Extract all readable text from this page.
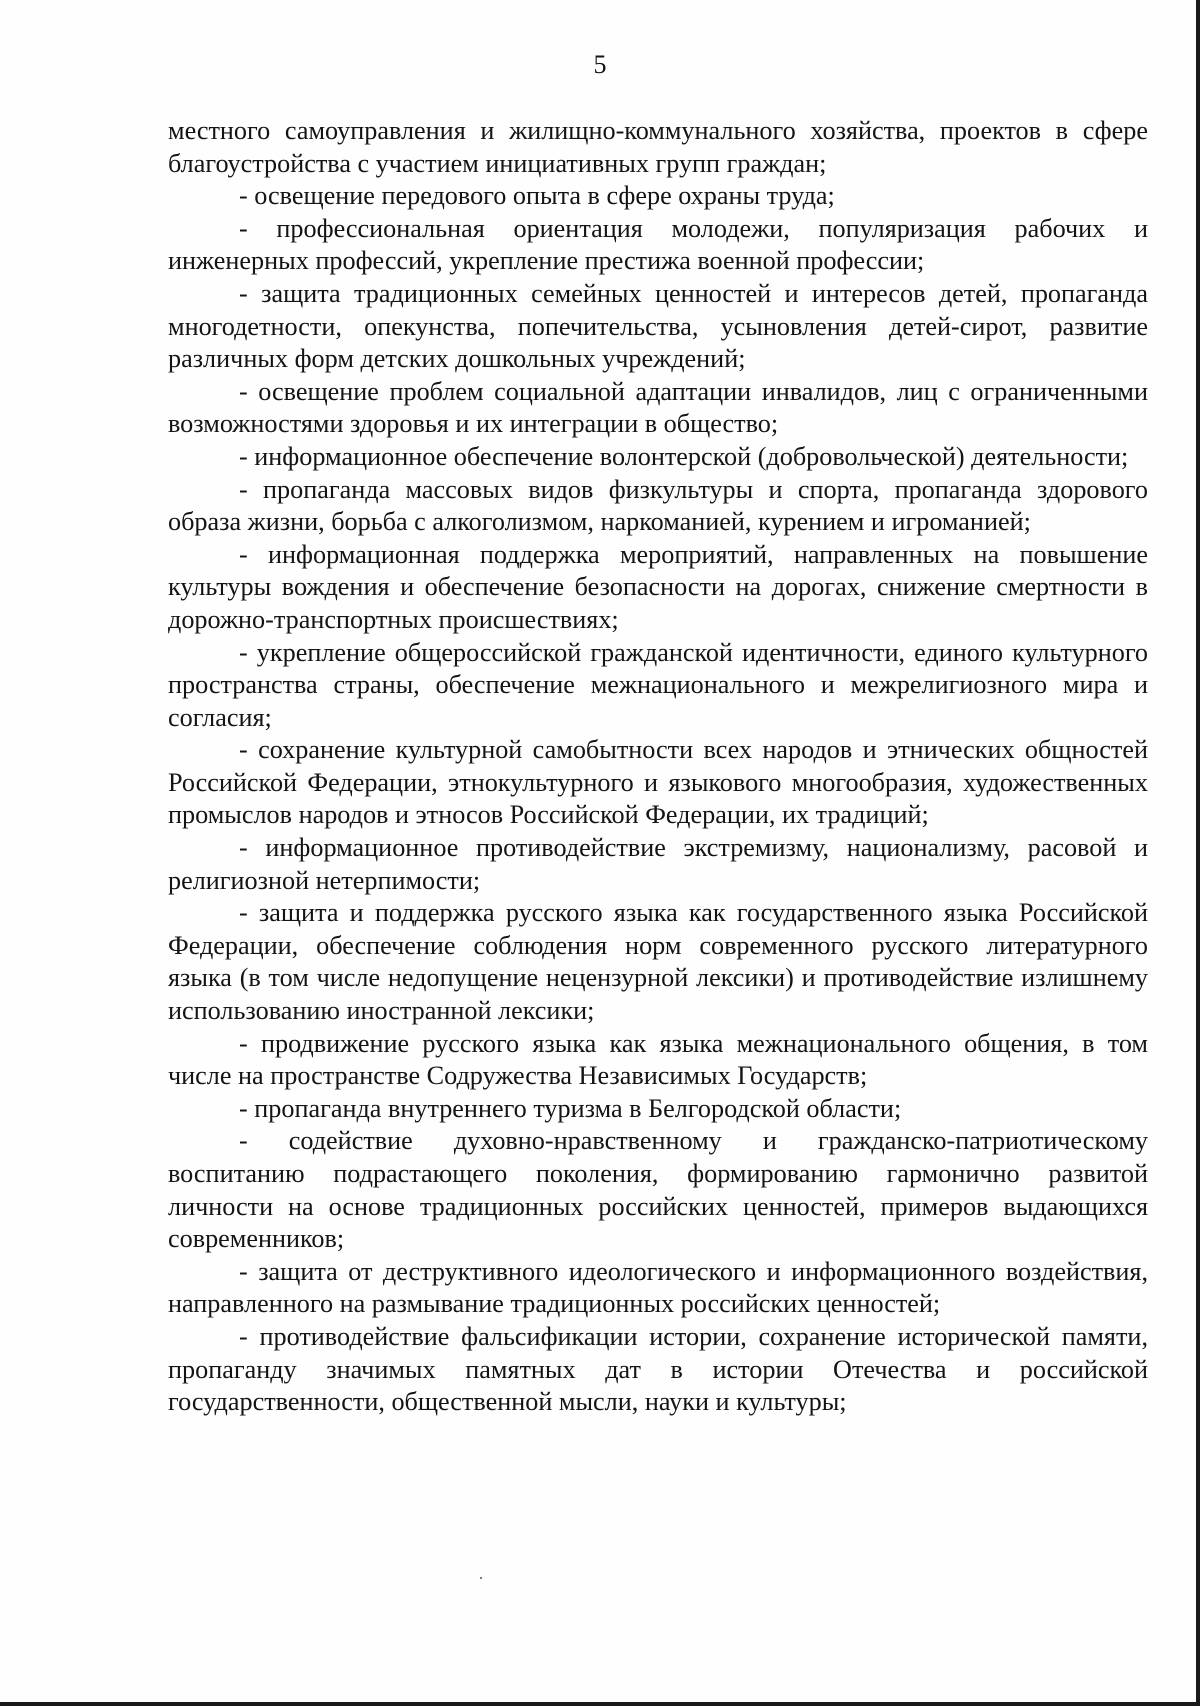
5

местного самоуправления и жилищно-коммунального хозяйства, проектов в сфере благоустройства с участием инициативных групп граждан;

- освещение передового опыта в сфере охраны труда;

- профессиональная ориентация молодежи, популяризация рабочих и инженерных профессий, укрепление престижа военной профессии;

- защита традиционных семейных ценностей и интересов детей, пропаганда многодетности, опекунства, попечительства, усыновления детей-сирот, развитие различных форм детских дошкольных учреждений;

- освещение проблем социальной адаптации инвалидов, лиц с ограниченными возможностями здоровья и их интеграции в общество;

- информационное обеспечение волонтерской (добровольческой) деятельности;

- пропаганда массовых видов физкультуры и спорта, пропаганда здорового образа жизни, борьба с алкоголизмом, наркоманией, курением и игроманией;

- информационная поддержка мероприятий, направленных на повышение культуры вождения и обеспечение безопасности на дорогах, снижение смертности в дорожно-транспортных происшествиях;

- укрепление общероссийской гражданской идентичности, единого культурного пространства страны, обеспечение межнационального и межрелигиозного мира и согласия;

- сохранение культурной самобытности всех народов и этнических общностей Российской Федерации, этнокультурного и языкового многообразия, художественных промыслов народов и этносов Российской Федерации, их традиций;

- информационное противодействие экстремизму, национализму, расовой и религиозной нетерпимости;

- защита и поддержка русского языка как государственного языка Российской Федерации, обеспечение соблюдения норм современного русского литературного языка (в том числе недопущение нецензурной лексики) и противодействие излишнему использованию иностранной лексики;

- продвижение русского языка как языка межнационального общения, в том числе на пространстве Содружества Независимых Государств;

- пропаганда внутреннего туризма в Белгородской области;

- содействие духовно-нравственному и гражданско-патриотическому воспитанию подрастающего поколения, формированию гармонично развитой личности на основе традиционных российских ценностей, примеров выдающихся современников;

- защита от деструктивного идеологического и информационного воздействия, направленного на размывание традиционных российских ценностей;

- противодействие фальсификации истории, сохранение исторической памяти, пропаганду значимых памятных дат в истории Отечества и российской государственности, общественной мысли, науки и культуры;
